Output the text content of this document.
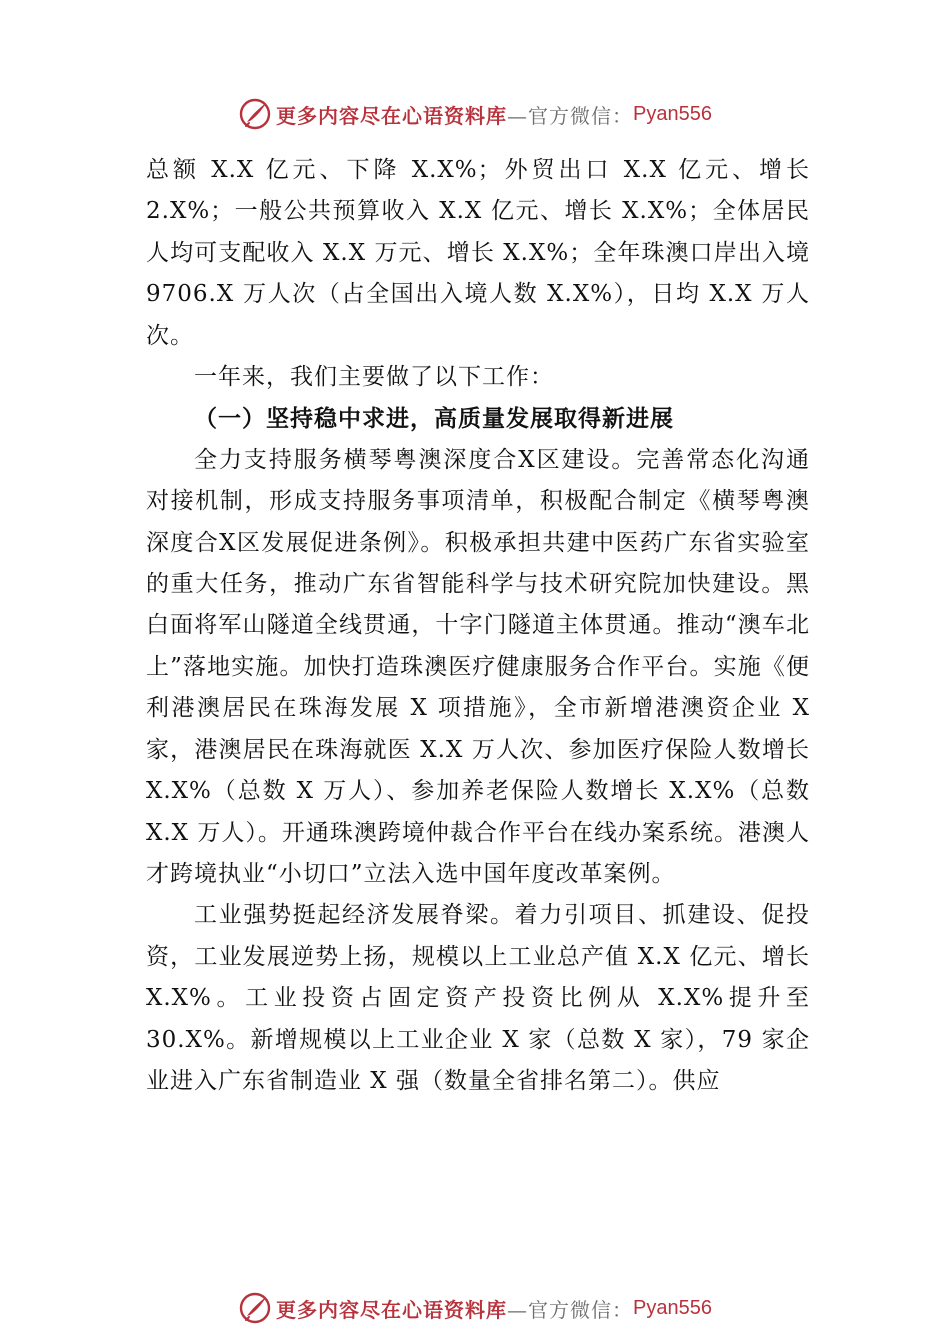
更多内容尽在心语资料库 —官方微信： Pyan556

总额 X.X 亿元、下降 X.X%；外贸出口 X.X 亿元、增长 2.X%；一般公共预算收入 X.X 亿元、增长 X.X%；全体居民人均可支配收入 X.X 万元、增长 X.X%；全年珠澳口岸出入境 9706.X 万人次（占全国出入境人数 X.X%），日均 X.X 万人次。

一年来，我们主要做了以下工作：

（一）坚持稳中求进，高质量发展取得新进展

全力支持服务横琴粤澳深度合X区建设。完善常态化沟通对接机制，形成支持服务事项清单，积极配合制定《横琴粤澳深度合X区发展促进条例》。积极承担共建中医药广东省实验室的重大任务，推动广东省智能科学与技术研究院加快建设。黑白面将军山隧道全线贯通，十字门隧道主体贯通。推动“澳车北上”落地实施。加快打造珠澳医疗健康服务合作平台。实施《便利港澳居民在珠海发展 X 项措施》，全市新增港澳资企业 X 家，港澳居民在珠海就医 X.X 万人次、参加医疗保险人数增长 X.X%（总数 X 万人）、参加养老保险人数增长 X.X%（总数 X.X 万人）。开通珠澳跨境仲裁合作平台在线办案系统。港澳人才跨境执业“小切口”立法入选中国年度改革案例。

工业强势挺起经济发展脊梁。着力引项目、抓建设、促投资，工业发展逆势上扬，规模以上工业总产值 X.X 亿元、增长 X.X%。工业投资占固定资产投资比例从 X.X%提升至 30.X%。新增规模以上工业企业 X 家（总数 X 家），79 家企业进入广东省制造业 X 强（数量全省排名第二）。供应

更多内容尽在心语资料库 —官方微信： Pyan556
